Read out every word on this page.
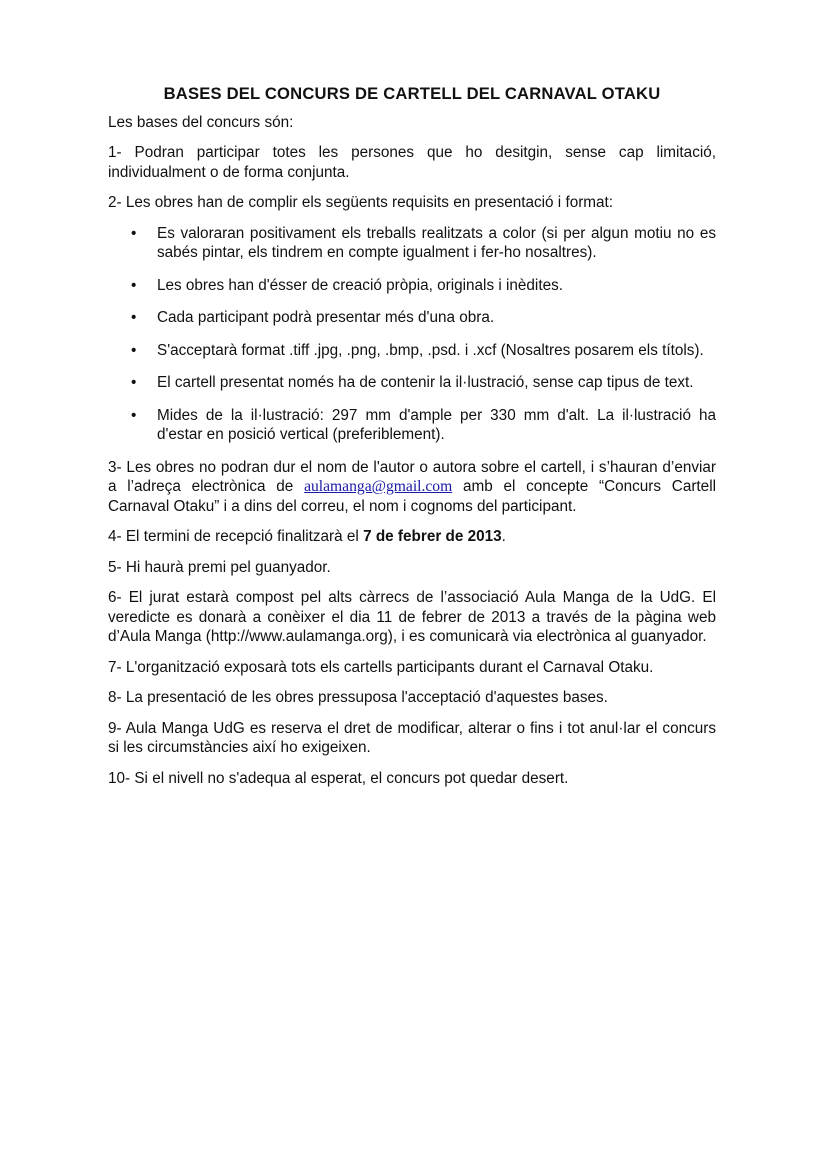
BASES DEL CONCURS DE CARTELL DEL CARNAVAL OTAKU

Les bases del concurs són:

1- Podran participar totes les persones que ho desitgin, sense cap limitació, individualment o de forma conjunta.

2- Les obres han de complir els següents requisits en presentació i format:

• Es valoraran positivament els treballs realitzats a color (si per algun motiu no es sabés pintar, els tindrem en compte igualment i fer-ho nosaltres).
• Les obres han d'ésser de creació pròpia, originals i inèdites.
• Cada participant podrà presentar més d'una obra.
• S'acceptarà format .tiff .jpg, .png, .bmp, .psd. i .xcf (Nosaltres posarem els títols).
• El cartell presentat només ha de contenir la il·lustració, sense cap tipus de text.
• Mides de la il·lustració: 297 mm d'ample per 330 mm d'alt. La il·lustració ha d'estar en posició vertical (preferiblement).

3- Les obres no podran dur el nom de l'autor o autora sobre el cartell, i s’hauran d’enviar a l’adreça electrònica de aulamanga@gmail.com amb el concepte “Concurs Cartell Carnaval Otaku” i a dins del correu, el nom i cognoms del participant.

4- El termini de recepció finalitzarà el 7 de febrer de 2013.

5- Hi haurà premi pel guanyador.

6- El jurat estarà compost pel alts càrrecs de l’associació Aula Manga de la UdG. El veredicte es donarà a conèixer el dia 11 de febrer de 2013 a través de la pàgina web d’Aula Manga (http://www.aulamanga.org), i es comunicarà via electrònica al guanyador.

7- L'organització exposarà tots els cartells participants durant el Carnaval Otaku.

8- La presentació de les obres pressuposa l'acceptació d'aquestes bases.

9- Aula Manga UdG es reserva el dret de modificar, alterar o fins i tot anul·lar el concurs si les circumstàncies així ho exigeixen.

10- Si el nivell no s'adequa al esperat, el concurs pot quedar desert.
